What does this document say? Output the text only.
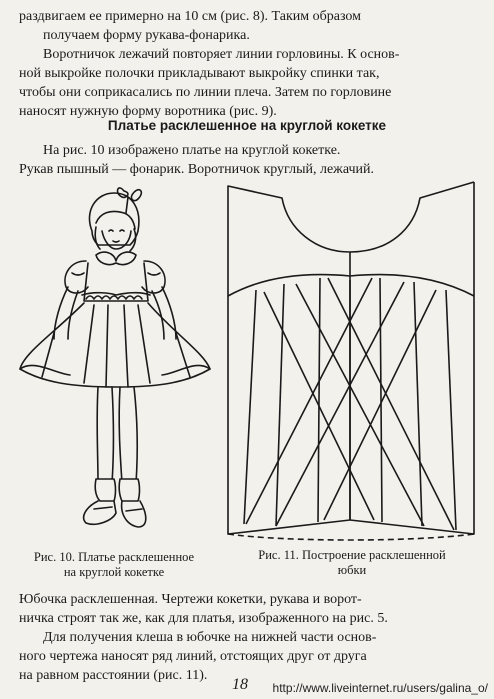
раздвигаем ее примерно на 10 см (рис. 8). Таким образом
получаем форму рукава-фонарика.
Воротничок лежачий повторяет линии горловины. К основ-
ной выкройке полочки прикладывают выкройку спинки так,
чтобы они соприкасались по линии плеча. Затем по горловине
наносят нужную форму воротника (рис. 9).
Платье расклешенное на круглой кокетке
На рис. 10 изображено платье на круглой кокетке.
Рукав пышный — фонарик. Воротничок круглый, лежачий.
Рис. 10. Платье расклешенное
на круглой кокетке
Рис. 11. Построение расклешенной
юбки
Юбочка расклешенная. Чертежи кокетки, рукава и ворот-
ничка строят так же, как для платья, изображенного на рис. 5.
Для получения клеша в юбочке на нижней части основ-
ного чертежа наносят ряд линий, отстоящих друг от друга
на равном расстоянии (рис. 11).
18 http://www.liveinternet.ru/users/galina_o/
